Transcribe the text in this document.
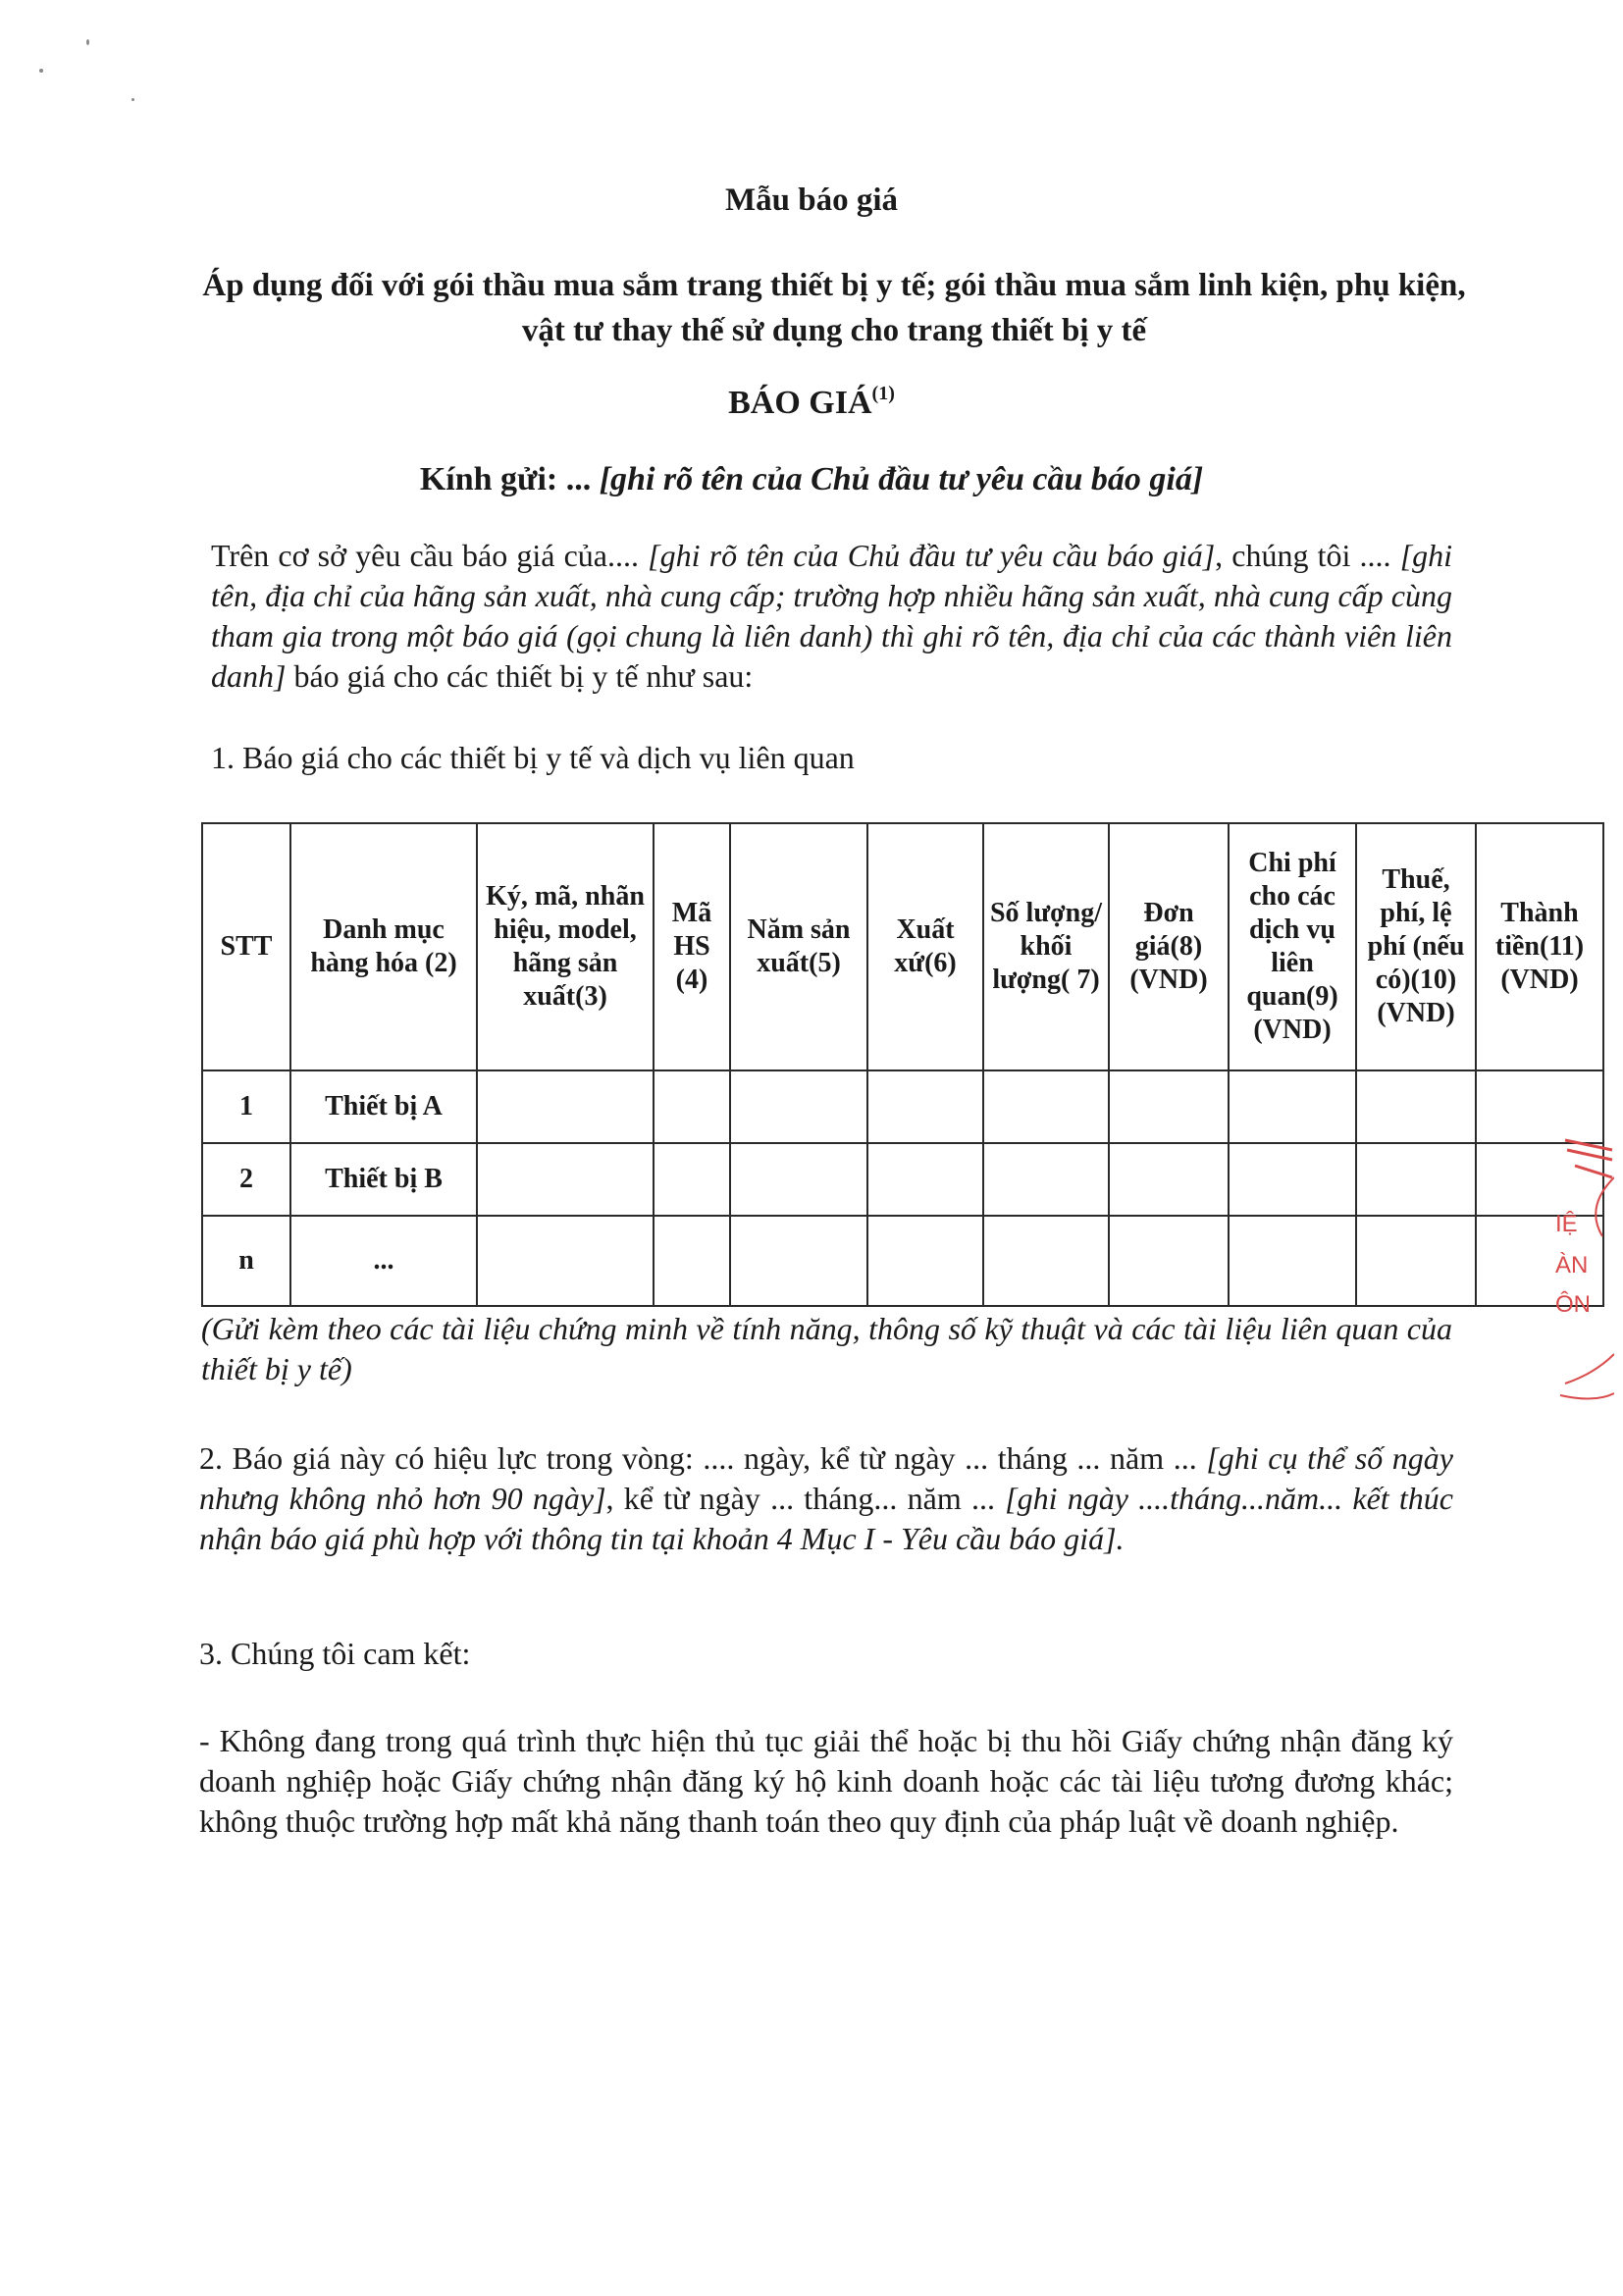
Mẫu báo giá
Áp dụng đối với gói thầu mua sắm trang thiết bị y tế; gói thầu mua sắm linh kiện, phụ kiện, vật tư thay thế sử dụng cho trang thiết bị y tế
BÁO GIÁ$^{(1)}$
Kính gửi: ... [ghi rõ tên của Chủ đầu tư yêu cầu báo giá]
Trên cơ sở yêu cầu báo giá của.... [ghi rõ tên của Chủ đầu tư yêu cầu báo giá], chúng tôi .... [ghi tên, địa chỉ của hãng sản xuất, nhà cung cấp; trường hợp nhiều hãng sản xuất, nhà cung cấp cùng tham gia trong một báo giá (gọi chung là liên danh) thì ghi rõ tên, địa chỉ của các thành viên liên danh] báo giá cho các thiết bị y tế như sau:
1. Báo giá cho các thiết bị y tế và dịch vụ liên quan
STT	Danh mục hàng hóa (2)	Ký, mã, nhãn hiệu, model, hãng sản xuất(3)	Mã HS (4)	Năm sản xuất(5)	Xuất xứ(6)	Số lượng/ khối lượng( 7)	Đơn giá(8) (VND)	Chi phí cho các dịch vụ liên quan(9) (VND)	Thuế, phí, lệ phí (nếu có)(10) (VND)	Thành tiền(11) (VND)
1	Thiết bị A									
2	Thiết bị B									
n	...									
(Gửi kèm theo các tài liệu chứng minh về tính năng, thông số kỹ thuật và các tài liệu liên quan của thiết bị y tế)
2. Báo giá này có hiệu lực trong vòng: .... ngày, kể từ ngày ... tháng ... năm ... [ghi cụ thể số ngày nhưng không nhỏ hơn 90 ngày], kể từ ngày ... tháng... năm ... [ghi ngày ....tháng...năm... kết thúc nhận báo giá phù hợp với thông tin tại khoản 4 Mục I - Yêu cầu báo giá].
3. Chúng tôi cam kết:
- Không đang trong quá trình thực hiện thủ tục giải thể hoặc bị thu hồi Giấy chứng nhận đăng ký doanh nghiệp hoặc Giấy chứng nhận đăng ký hộ kinh doanh hoặc các tài liệu tương đương khác; không thuộc trường hợp mất khả năng thanh toán theo quy định của pháp luật về doanh nghiệp.
IỆ
ÀN
ÔN
